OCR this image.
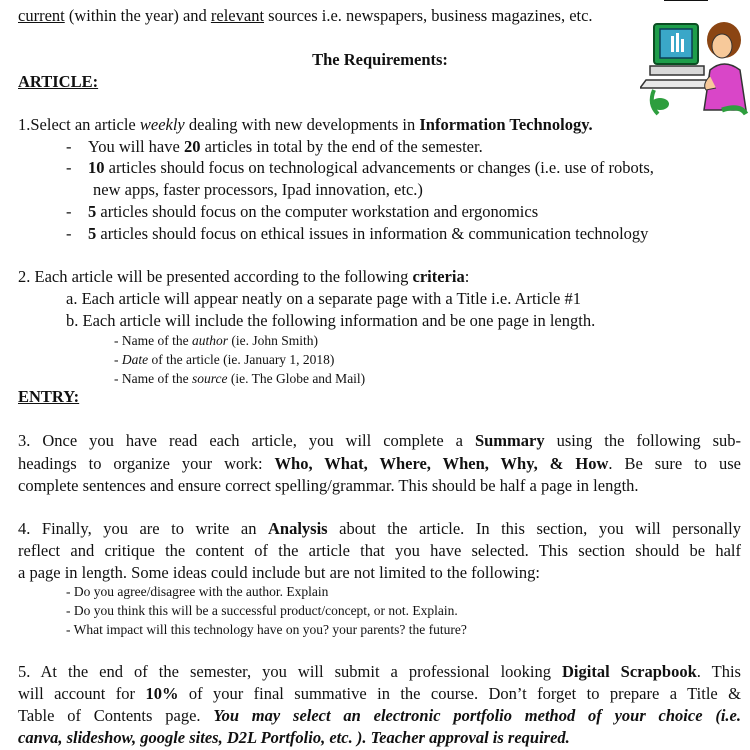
current (within the year) and relevant sources i.e. newspapers, business magazines, etc.
The Requirements:
ARTICLE:
1.Select an article weekly dealing with new developments in Information Technology.
-    You will have 20 articles in total by the end of the semester.
-    10 articles should focus on technological advancements or changes (i.e. use of robots,
new apps, faster processors, Ipad innovation, etc.)
-    5 articles should focus on the computer workstation and ergonomics
-    5 articles should focus on ethical issues in information & communication technology
2. Each article will be presented according to the following criteria:
a. Each article will appear neatly on a separate page with a Title i.e. Article #1
b. Each article will include the following information and be one page in length.
- Name of the author (ie. John Smith)
- Date of the article (ie. January 1, 2018)
- Name of the source (ie. The Globe and Mail)
ENTRY:
3. Once you have read each article, you will complete a Summary using the following sub-
headings to organize your work: Who, What, Where, When, Why, & How. Be sure to use
complete sentences and ensure correct spelling/grammar. This should be half a page in length.
4. Finally, you are to write an Analysis about the article. In this section, you will personally
reflect and critique the content of the article that you have selected. This section should be half
a page in length. Some ideas could include but are not limited to the following:
- Do you agree/disagree with the author. Explain
- Do you think this will be a successful product/concept, or not. Explain.
- What impact will this technology have on you? your parents? the future?
5. At the end of the semester, you will submit a professional looking Digital Scrapbook. This
will account for 10% of your final summative in the course. Don’t forget to prepare a Title &
Table of Contents page. You may select an electronic portfolio method of your choice (i.e.
canva, slideshow, google sites, D2L Portfolio, etc. ). Teacher approval is required.
